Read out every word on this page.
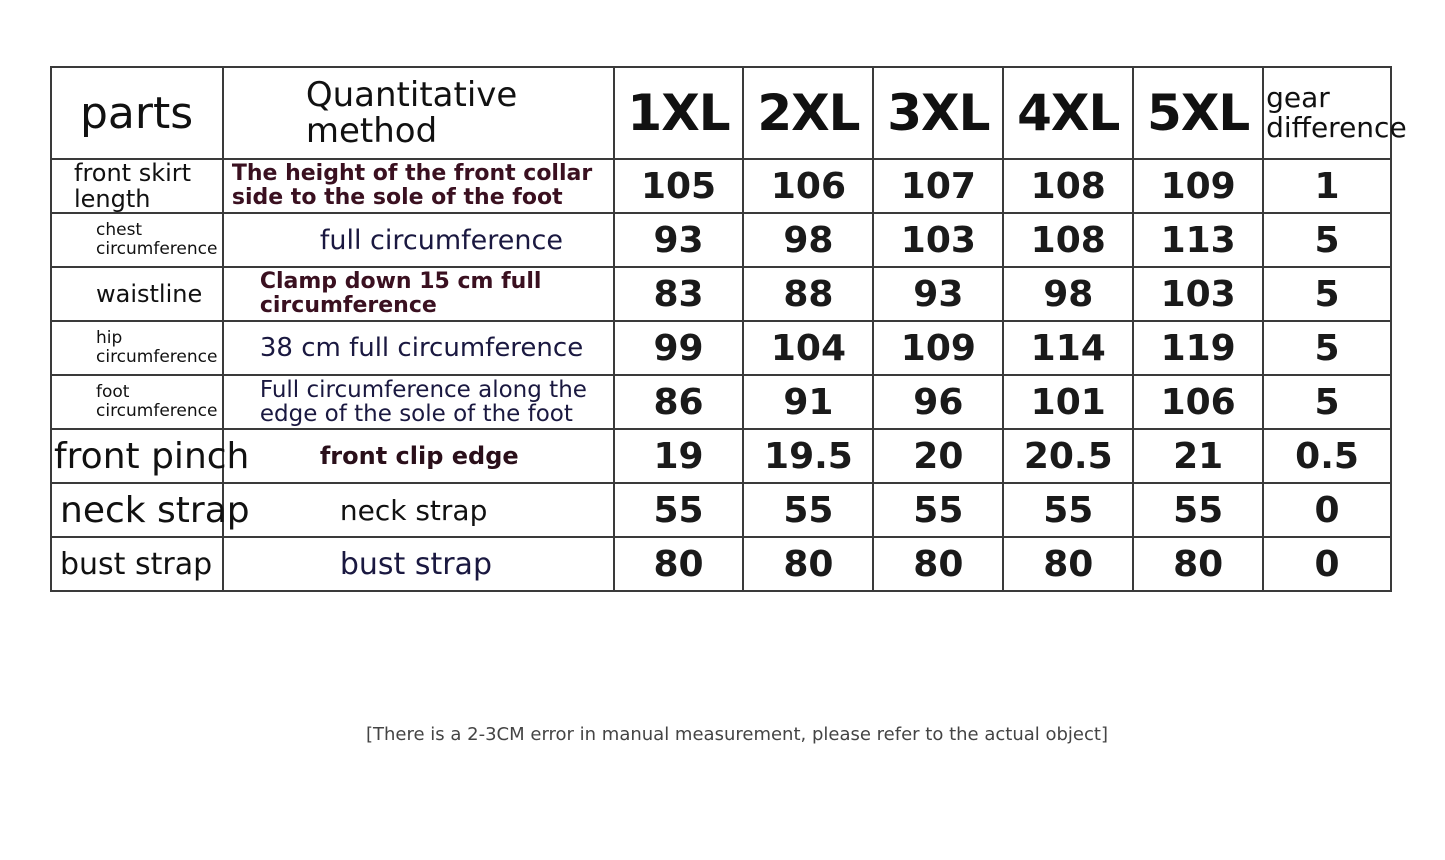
parts	Quantitative method	1XL	2XL	3XL	4XL	5XL	gear difference
front skirt length	The height of the front collar side to the sole of the foot	105	106	107	108	109	1
chest circumference	full circumference	93	98	103	108	113	5
waistline	Clamp down 15 cm full circumference	83	88	93	98	103	5
hip circumference	38 cm full circumference	99	104	109	114	119	5
foot circumference	Full circumference along the edge of the sole of the foot	86	91	96	101	106	5
front pinch	front clip edge	19	19.5	20	20.5	21	0.5
neck strap	neck strap	55	55	55	55	55	0
bust strap	bust strap	80	80	80	80	80	0
[There is a 2-3CM error in manual measurement, please refer to the actual object]
